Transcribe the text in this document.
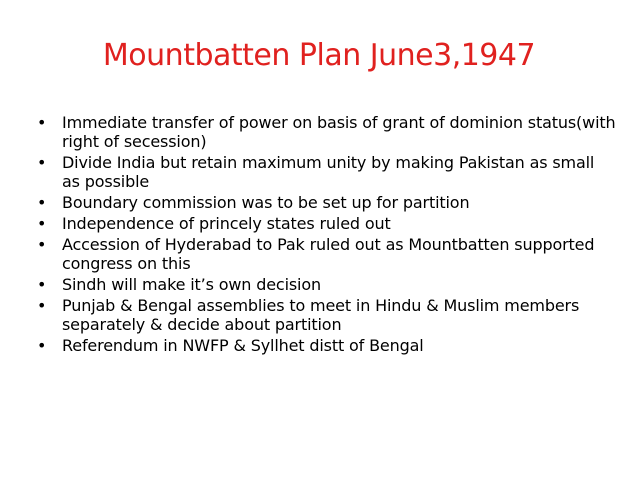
Mountbatten Plan June3,1947
• Immediate transfer of power on basis of grant of dominion status(with right of secession)
• Divide India but retain maximum unity by making Pakistan as small as possible
• Boundary commission was to be set up for partition
• Independence of princely states ruled out
• Accession of Hyderabad to Pak ruled out as Mountbatten supported congress on this
• Sindh will make it’s own decision
• Punjab & Bengal assemblies to meet in Hindu & Muslim members separately & decide about partition
• Referendum in NWFP & Syllhet distt of Bengal
